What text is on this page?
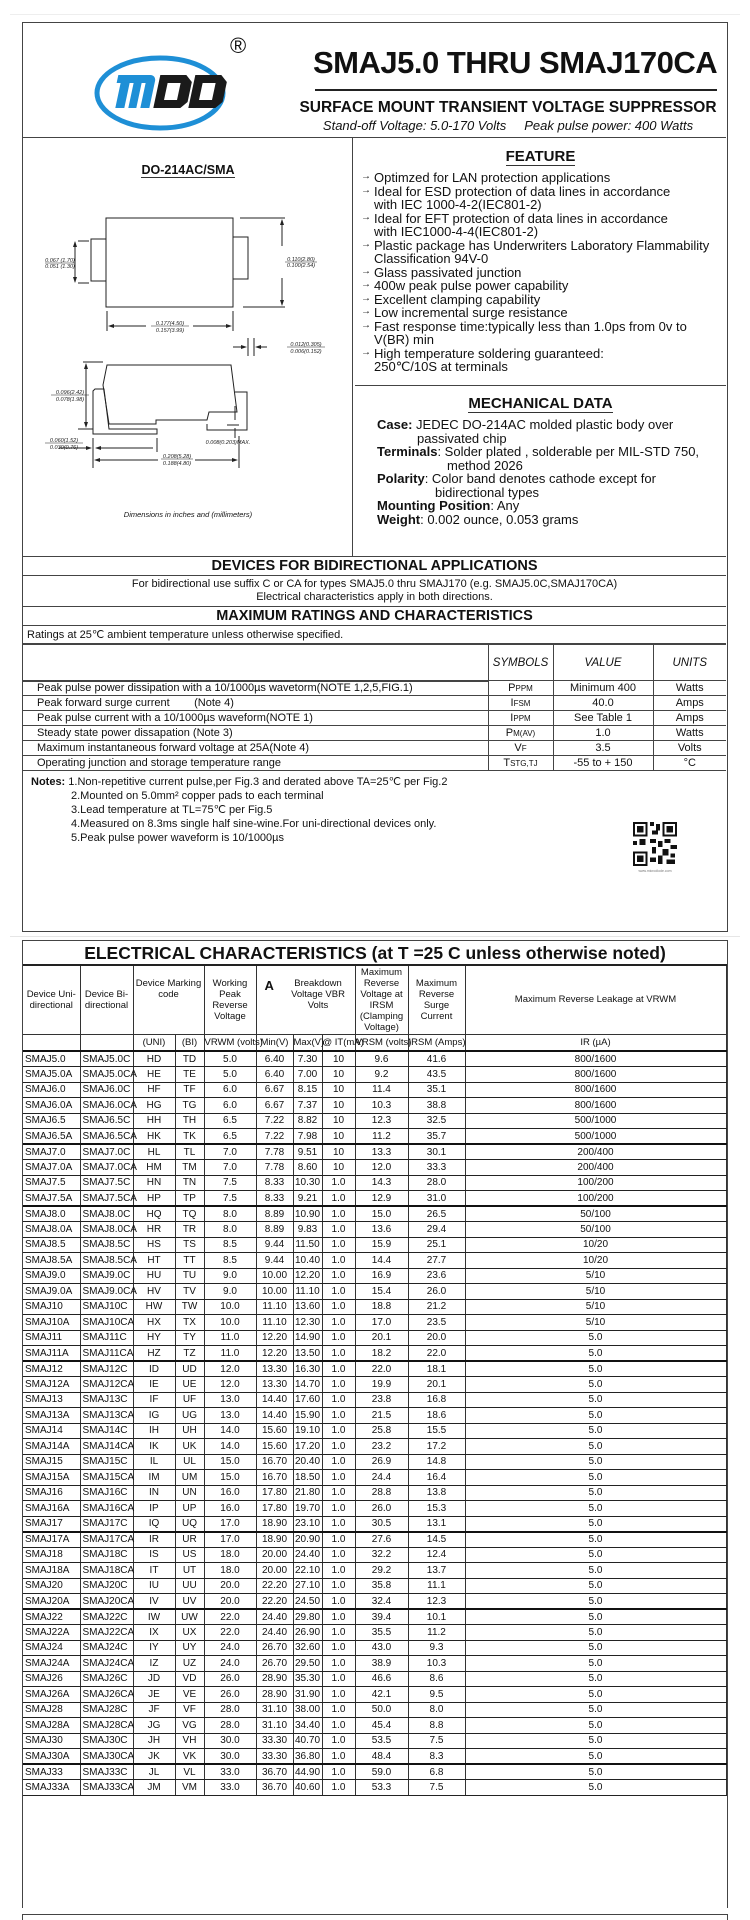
® SMAJ5.0 THRU SMAJ170CA
SURFACE MOUNT TRANSIENT VOLTAGE SUPPRESSOR
Stand-off Voltage: 5.0-170 Volts Peak pulse power: 400 Watts
DO-214AC/SMA
0.067 (1.70)
0.051 (1.30)
0.110(2.80)
0.100(2.54)
0.177(4.50)
0.157(3.99)
0.012(0.305)
0.006(0.152)
0.096(2.42)
0.078(1.98)
0.060(1.52)
0.030(0.76)
0.008(0.203)MAX.
0.208(5.28)
0.188(4.80)
Dimensions in inches and (millimeters)
FEATURE
→ Optimzed for LAN protection applications
→ Ideal for ESD protection of data lines in accordance
with IEC 1000-4-2(IEC801-2)
→ Ideal for EFT protection of data lines in accordance
with IEC1000-4-4(IEC801-2)
→ Plastic package has Underwriters Laboratory Flammability
Classification 94V-0
→ Glass passivated junction
→ 400w peak pulse power capability
→ Excellent clamping capability
→ Low incremental surge resistance
→ Fast response time:typically less than 1.0ps from 0v to
V(BR) min
→ High temperature soldering guaranteed:
250℃/10S at terminals
MECHANICAL DATA
Case: JEDEC DO-214AC molded plastic body over
passivated chip
Terminals: Solder plated , solderable per MIL-STD 750,
method 2026
Polarity: Color band denotes cathode except for
bidirectional types
Mounting Position: Any
Weight: 0.002 ounce, 0.053 grams
DEVICES FOR BIDIRECTIONAL APPLICATIONS
For bidirectional use suffix C or CA for types SMAJ5.0 thru SMAJ170 (e.g. SMAJ5.0C,SMAJ170CA)
Electrical characteristics apply in both directions.
MAXIMUM RATINGS AND CHARACTERISTICS
Ratings at 25℃ ambient temperature unless otherwise specified.
	SYMBOLS	VALUE	UNITS
Peak pulse power dissipation with a 10/1000µs wavetorm(NOTE 1,2,5,FIG.1)	PPPM	Minimum 400	Watts
Peak forward surge current        (Note 4)	IFSM	40.0	Amps
Peak pulse current with a 10/1000µs waveform(NOTE 1)	IPPM	See Table 1	Amps
Steady state power dissapation (Note 3)	PM(AV)	1.0	Watts
Maximum instantaneous forward voltage at 25A(Note 4)	VF	3.5	Volts
Operating junction and storage temperature range	TSTG,TJ	-55 to + 150	°C
Notes: 1.Non-repetitive current pulse,per Fig.3 and derated above TA=25℃ per Fig.2
2.Mounted on 5.0mm² copper pads to each terminal
3.Lead temperature at TL=75℃ per Fig.5
4.Measured on 8.3ms single half sine-wine.For uni-directional devices only.
5.Peak pulse power waveform is 10/1000µs
www.microdiode.com
ELECTRICAL CHARACTERISTICS (at T =25 C unless otherwise noted)
Device Uni- directional	Device Bi- directional	Device Marking code		Working Peak Reverse Voltage	A Breakdown Voltage VBR Volts			Maximum Reverse Voltage at IRSM (Clamping Voltage)	Maximum Reverse Surge Current	Maximum Reverse Leakage at VRWM
		(UNI)	(BI)	VRWM (volts)	Min(V)	Max(V)	@ IT(mA)	VRSM (volts)	IRSM (Amps)	IR (µA)
SMAJ5.0	SMAJ5.0C	HD	TD	5.0	6.40	7.30	10	9.6	41.6	800/1600
SMAJ5.0A	SMAJ5.0CA	HE	TE	5.0	6.40	7.00	10	9.2	43.5	800/1600
SMAJ6.0	SMAJ6.0C	HF	TF	6.0	6.67	8.15	10	11.4	35.1	800/1600
SMAJ6.0A	SMAJ6.0CA	HG	TG	6.0	6.67	7.37	10	10.3	38.8	800/1600
SMAJ6.5	SMAJ6.5C	HH	TH	6.5	7.22	8.82	10	12.3	32.5	500/1000
SMAJ6.5A	SMAJ6.5CA	HK	TK	6.5	7.22	7.98	10	11.2	35.7	500/1000
SMAJ7.0	SMAJ7.0C	HL	TL	7.0	7.78	9.51	10	13.3	30.1	200/400
SMAJ7.0A	SMAJ7.0CA	HM	TM	7.0	7.78	8.60	10	12.0	33.3	200/400
SMAJ7.5	SMAJ7.5C	HN	TN	7.5	8.33	10.30	1.0	14.3	28.0	100/200
SMAJ7.5A	SMAJ7.5CA	HP	TP	7.5	8.33	9.21	1.0	12.9	31.0	100/200
SMAJ8.0	SMAJ8.0C	HQ	TQ	8.0	8.89	10.90	1.0	15.0	26.5	50/100
SMAJ8.0A	SMAJ8.0CA	HR	TR	8.0	8.89	9.83	1.0	13.6	29.4	50/100
SMAJ8.5	SMAJ8.5C	HS	TS	8.5	9.44	11.50	1.0	15.9	25.1	10/20
SMAJ8.5A	SMAJ8.5CA	HT	TT	8.5	9.44	10.40	1.0	14.4	27.7	10/20
SMAJ9.0	SMAJ9.0C	HU	TU	9.0	10.00	12.20	1.0	16.9	23.6	5/10
SMAJ9.0A	SMAJ9.0CA	HV	TV	9.0	10.00	11.10	1.0	15.4	26.0	5/10
SMAJ10	SMAJ10C	HW	TW	10.0	11.10	13.60	1.0	18.8	21.2	5/10
SMAJ10A	SMAJ10CA	HX	TX	10.0	11.10	12.30	1.0	17.0	23.5	5/10
SMAJ11	SMAJ11C	HY	TY	11.0	12.20	14.90	1.0	20.1	20.0	5.0
SMAJ11A	SMAJ11CA	HZ	TZ	11.0	12.20	13.50	1.0	18.2	22.0	5.0
SMAJ12	SMAJ12C	ID	UD	12.0	13.30	16.30	1.0	22.0	18.1	5.0
SMAJ12A	SMAJ12CA	IE	UE	12.0	13.30	14.70	1.0	19.9	20.1	5.0
SMAJ13	SMAJ13C	IF	UF	13.0	14.40	17.60	1.0	23.8	16.8	5.0
SMAJ13A	SMAJ13CA	IG	UG	13.0	14.40	15.90	1.0	21.5	18.6	5.0
SMAJ14	SMAJ14C	IH	UH	14.0	15.60	19.10	1.0	25.8	15.5	5.0
SMAJ14A	SMAJ14CA	IK	UK	14.0	15.60	17.20	1.0	23.2	17.2	5.0
SMAJ15	SMAJ15C	IL	UL	15.0	16.70	20.40	1.0	26.9	14.8	5.0
SMAJ15A	SMAJ15CA	IM	UM	15.0	16.70	18.50	1.0	24.4	16.4	5.0
SMAJ16	SMAJ16C	IN	UN	16.0	17.80	21.80	1.0	28.8	13.8	5.0
SMAJ16A	SMAJ16CA	IP	UP	16.0	17.80	19.70	1.0	26.0	15.3	5.0
SMAJ17	SMAJ17C	IQ	UQ	17.0	18.90	23.10	1.0	30.5	13.1	5.0
SMAJ17A	SMAJ17CA	IR	UR	17.0	18.90	20.90	1.0	27.6	14.5	5.0
SMAJ18	SMAJ18C	IS	US	18.0	20.00	24.40	1.0	32.2	12.4	5.0
SMAJ18A	SMAJ18CA	IT	UT	18.0	20.00	22.10	1.0	29.2	13.7	5.0
SMAJ20	SMAJ20C	IU	UU	20.0	22.20	27.10	1.0	35.8	11.1	5.0
SMAJ20A	SMAJ20CA	IV	UV	20.0	22.20	24.50	1.0	32.4	12.3	5.0
SMAJ22	SMAJ22C	IW	UW	22.0	24.40	29.80	1.0	39.4	10.1	5.0
SMAJ22A	SMAJ22CA	IX	UX	22.0	24.40	26.90	1.0	35.5	11.2	5.0
SMAJ24	SMAJ24C	IY	UY	24.0	26.70	32.60	1.0	43.0	9.3	5.0
SMAJ24A	SMAJ24CA	IZ	UZ	24.0	26.70	29.50	1.0	38.9	10.3	5.0
SMAJ26	SMAJ26C	JD	VD	26.0	28.90	35.30	1.0	46.6	8.6	5.0
SMAJ26A	SMAJ26CA	JE	VE	26.0	28.90	31.90	1.0	42.1	9.5	5.0
SMAJ28	SMAJ28C	JF	VF	28.0	31.10	38.00	1.0	50.0	8.0	5.0
SMAJ28A	SMAJ28CA	JG	VG	28.0	31.10	34.40	1.0	45.4	8.8	5.0
SMAJ30	SMAJ30C	JH	VH	30.0	33.30	40.70	1.0	53.5	7.5	5.0
SMAJ30A	SMAJ30CA	JK	VK	30.0	33.30	36.80	1.0	48.4	8.3	5.0
SMAJ33	SMAJ33C	JL	VL	33.0	36.70	44.90	1.0	59.0	6.8	5.0
SMAJ33A	SMAJ33CA	JM	VM	33.0	36.70	40.60	1.0	53.3	7.5	5.0
